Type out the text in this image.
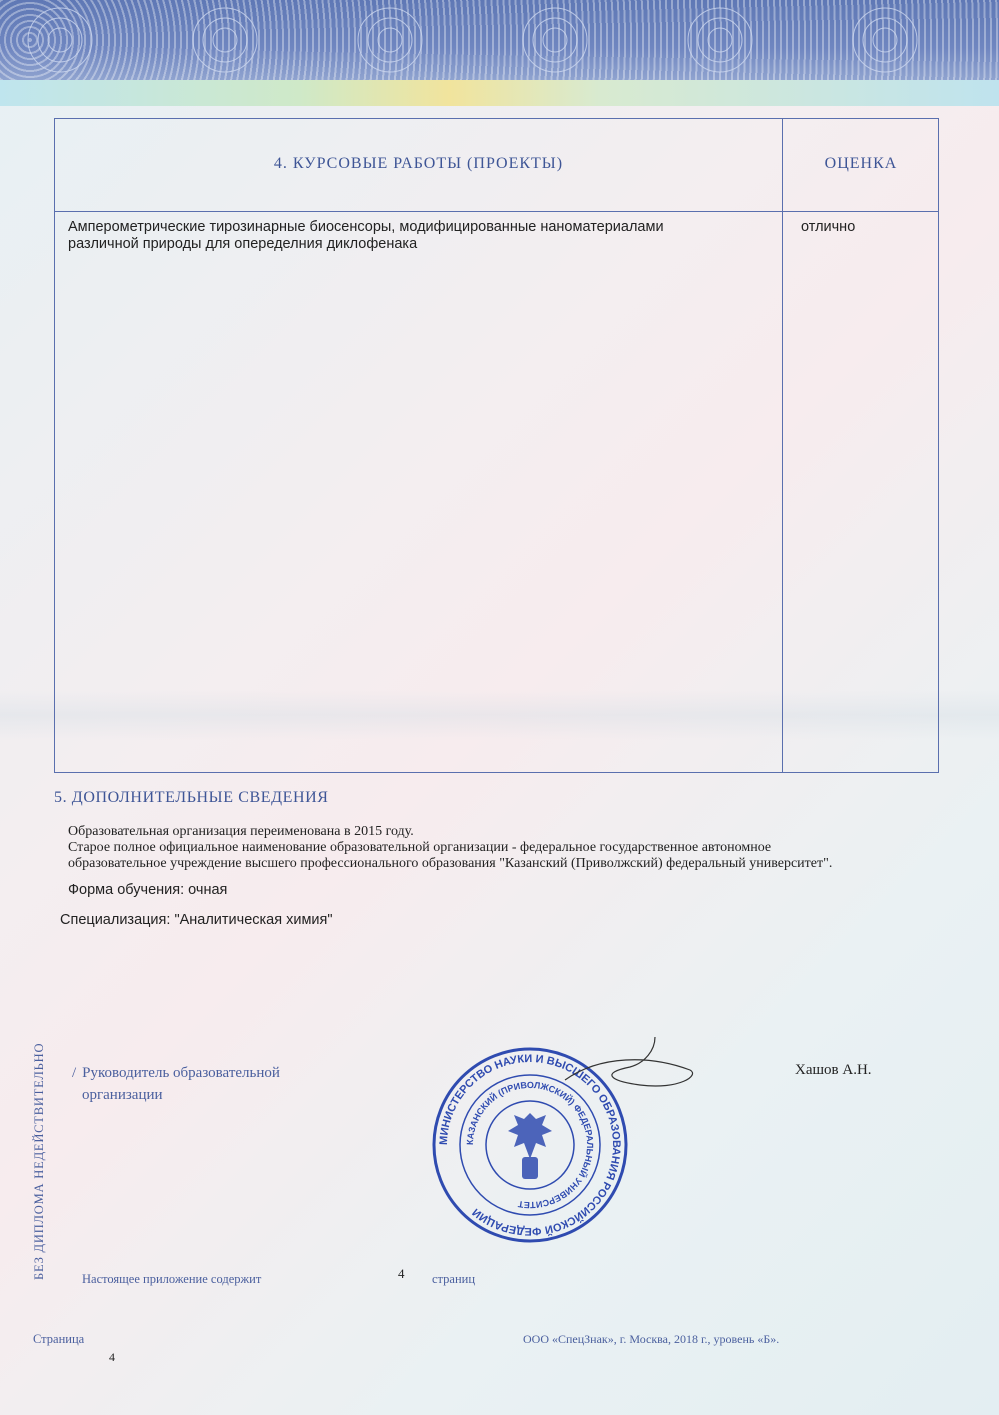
4. КУРСОВЫЕ РАБОТЫ (ПРОЕКТЫ)	ОЦЕНКА
Амперометрические тирозинарные биосенсоры, модифицированные наноматериалами
различной природы для опеределния диклофенака
отлично
5. ДОПОЛНИТЕЛЬНЫЕ СВЕДЕНИЯ
Образовательная организация переименована в 2015 году.
Старое полное официальное наименование образовательной организации - федеральное государственное автономное
образовательное учреждение высшего профессионального образования "Казанский (Приволжский) федеральный университет".
Форма обучения: очная
Специализация: "Аналитическая химия"
БЕЗ ДИПЛОМА НЕДЕЙСТВИТЕЛЬНО / Руководитель образовательной
организации
Хашов А.Н.
МИНИСТЕРСТВО НАУКИ И ВЫСШЕГО ОБРАЗОВАНИЯ РОССИЙСКОЙ ФЕДЕРАЦИИ
КАЗАНСКИЙ (ПРИВОЛЖСКИЙ) ФЕДЕРАЛЬНЫЙ УНИВЕРСИТЕТ
Настоящее приложение содержит	4 страниц
Страница
4
ООО «СпецЗнак», г. Москва, 2018 г., уровень «Б».
